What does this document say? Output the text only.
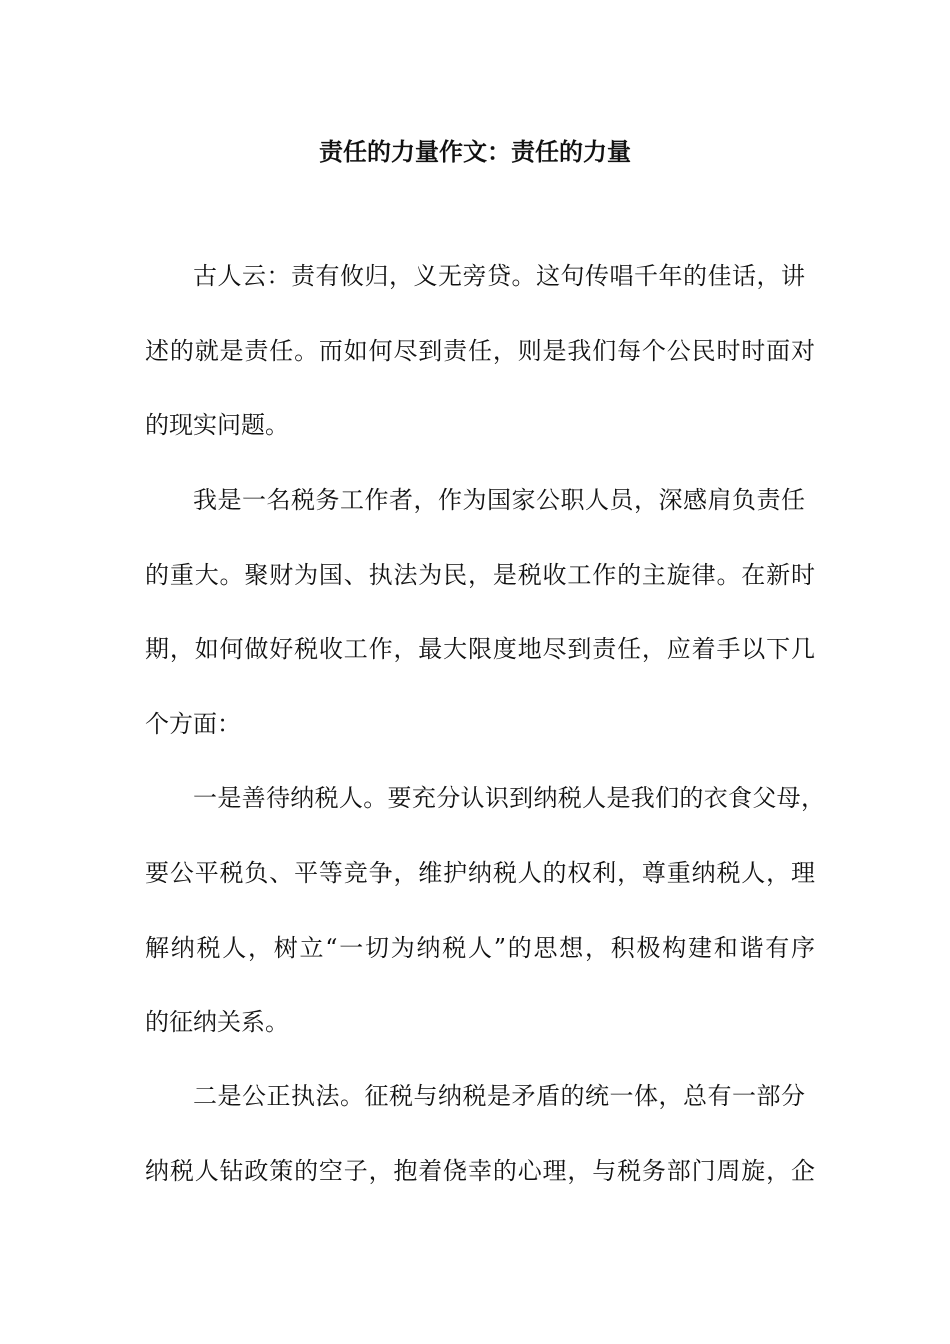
责任的力量作文：责任的力量
古人云：责有攸归，义无旁贷。这句传唱千年的佳话，讲
述的就是责任。而如何尽到责任，则是我们每个公民时时面对
的现实问题。
我是一名税务工作者，作为国家公职人员，深感肩负责任
的重大。聚财为国、执法为民，是税收工作的主旋律。在新时
期，如何做好税收工作，最大限度地尽到责任，应着手以下几
个方面：
一是善待纳税人。要充分认识到纳税人是我们的衣食父母，
要公平税负、平等竞争，维护纳税人的权利，尊重纳税人，理
解纳税人，树立“一切为纳税人”的思想，积极构建和谐有序
的征纳关系。
二是公正执法。征税与纳税是矛盾的统一体，总有一部分
纳税人钻政策的空子，抱着侥幸的心理，与税务部门周旋，企
